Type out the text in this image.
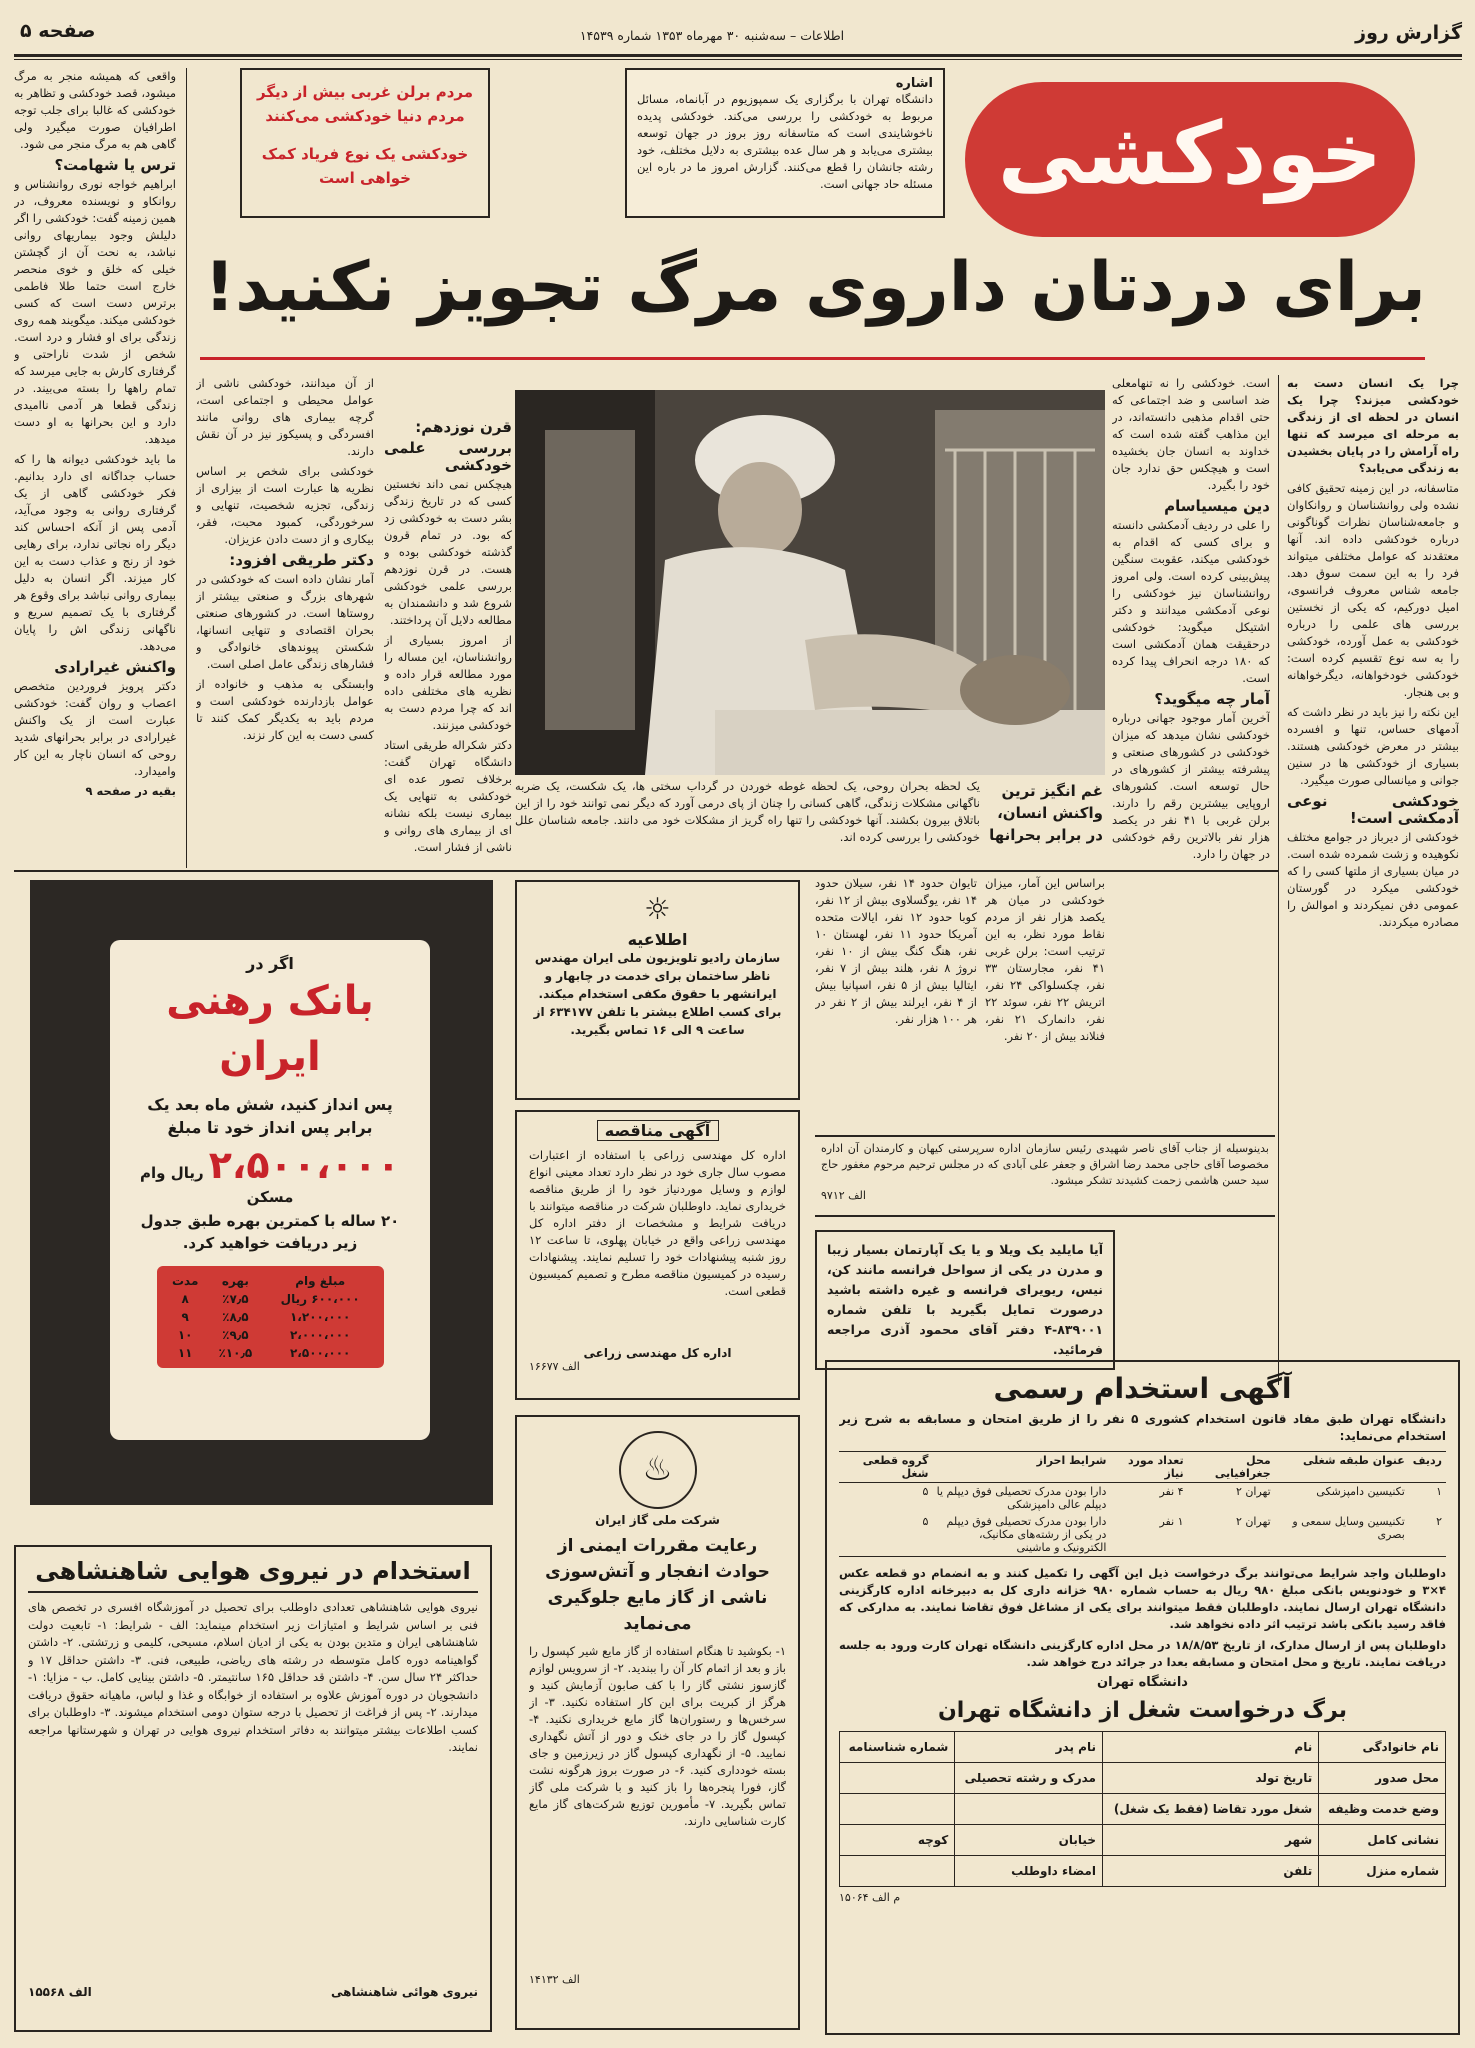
گزارش روز
اطلاعات – سه‌شنبه ۳۰ مهرماه ۱۳۵۳ شماره ۱۴۵۳۹
صفحه ۵
خودکشی
اشاره
دانشگاه تهران با برگزاری یک سمپوزیوم در آبانماه، مسائل مربوط به خودکشی را بررسی می‌کند. خودکشی پدیده ناخوشایندی است که متاسفانه روز بروز در جهان توسعه بیشتری می‌یابد و هر سال عده بیشتری به دلایل مختلف، خود رشته جانشان را قطع می‌کنند. گزارش امروز ما در باره این مسئله حاد جهانی است.
مردم برلن غربی بیش از دیگر مردم دنیا خودکشی می‌کنند
خودکشی یک نوع فریاد کمک خواهی است
برای دردتان داروی مرگ تجویز نکنید!

واقعی که همیشه منجر به مرگ میشود، قصد خودکشی و تظاهر به خودکشی که غالبا برای جلب توجه اطرافیان صورت میگیرد ولی گاهی هم به مرگ منجر می شود.

ترس یا شهامت؟

ابراهیم خواجه نوری روانشناس و روانکاو و نویسنده معروف، در همین زمینه گفت: خودکشی را اگر دلیلش وجود بیماریهای روانی نباشد، به نحت آن از گچشتن خیلی که خلق و خوی منحصر خارج است حتما طلا فاطمی برترس دست است که کسی خودکشی میکند. میگویند همه روی زندگی برای او فشار و درد است. شخص از شدت ناراحتی و گرفتاری کارش به جایی میرسد که تمام راهها را بسته می‌بیند. در زندگی قطعا هر آدمی ناامیدی دارد و این بحرانها به او دست میدهد.

ما باید خودکشی دیوانه ها را که حساب جداگانه ای دارد بدانیم. فکر خودکشی گاهی از یک گرفتاری روانی به وجود می‌آید، آدمی پس از آنکه احساس کند دیگر راه نجاتی ندارد، برای رهایی خود از رنج و عذاب دست به این کار میزند. اگر انسان به دلیل بیماری روانی نباشد برای وقوع هر گرفتاری با یک تصمیم سریع و ناگهانی زندگی اش را پایان می‌دهد.

واکنش غیرارادی

دکتر پرویز فروردین متخصص اعصاب و روان گفت: خودکشی عبارت است از یک واکنش غیرارادی در برابر بحرانهای شدید روحی که انسان ناچار به این کار وامیدارد.

بقیه در صفحه ۹

از آن میدانند، خودکشی ناشی از عوامل محیطی و اجتماعی است، گرچه بیماری های روانی مانند افسردگی و پسیکوز نیز در آن نقش دارند.

خودکشی برای شخص بر اساس نظریه ها عبارت است از بیزاری از زندگی، تجزیه شخصیت، تنهایی و سرخوردگی، کمبود محبت، فقر، بیکاری و از دست دادن عزیزان.

دکتر طریقی افزود:

آمار نشان داده است که خودکشی در شهرهای بزرگ و صنعتی بیشتر از روستاها است. در کشورهای صنعتی بحران اقتصادی و تنهایی انسانها، شکستن پیوندهای خانوادگی و فشارهای زندگی عامل اصلی است.

وابستگی به مذهب و خانواده از عوامل بازدارنده خودکشی است و مردم باید به یکدیگر کمک کنند تا کسی دست به این کار نزند.

قرن نوزدهم:
بررسی علمی خودکشی

هیچکس نمی داند نخستین کسی که در تاریخ زندگی بشر دست به خودکشی زد که بود. در تمام قرون گذشته خودکشی بوده و هست. در قرن نوزدهم بررسی علمی خودکشی شروع شد و دانشمندان به مطالعه دلایل آن پرداختند.

از امروز بسیاری از روانشناسان، این مساله را مورد مطالعه قرار داده و نظریه های مختلفی داده اند که چرا مردم دست به خودکشی میزنند.

دکتر شکراله طریقی استاد دانشگاه تهران گفت: برخلاف تصور عده ای خودکشی به تنهایی یک بیماری نیست بلکه نشانه ای از بیماری های روانی و ناشی از فشار است.

یک لحظه بحران روحی، یک لحظه غوطه خوردن در گرداب سختی ها، یک شکست، یک ضربه ناگهانی مشکلات زندگی، گاهی کسانی را چنان از پای درمی آورد که دیگر نمی توانند خود را از این باتلاق بیرون بکشند. آنها خودکشی را تنها راه گریز از مشکلات خود می دانند. جامعه شناسان علل خودکشی را بررسی کرده اند.
غم انگیز ترین واکنش انسان، در برابر بحرانها

است. خودکشی را نه تنهامعلی ضد اساسی و ضد اجتماعی که حتی اقدام مذهبی دانسته‌اند، در این مذاهب گفته شده است که خداوند به انسان جان بخشیده است و هیچکس حق ندارد جان خود را بگیرد.

دین میسیاسام

را علی در ردیف آدمکشی دانسته و برای کسی که اقدام به خودکشی میکند، عقوبت سنگین پیش‌بینی کرده است. ولی امروز روانشناسان نیز خودکشی را نوعی آدمکشی میدانند و دکتر اشتیکل میگوید: خودکشی درحقیقت همان آدمکشی است که ۱۸۰ درجه انحراف پیدا کرده است.

آمار چه میگوید؟

آخرین آمار موجود جهانی درباره خودکشی نشان میدهد که میزان خودکشی در کشورهای صنعتی و پیشرفته بیشتر از کشورهای در حال توسعه است. کشورهای اروپایی بیشترین رقم را دارند. برلن غربی با ۴۱ نفر در یکصد هزار نفر بالاترین رقم خودکشی در جهان را دارد.

چرا یک انسان دست به خودکشی میزند؟ چرا یک انسان در لحظه ای از زندگی به مرحله ای میرسد که تنها راه آرامش را در پایان بخشیدن به زندگی می‌یابد؟

متاسفانه، در این زمینه تحقیق کافی نشده ولی روانشناسان و روانکاوان و جامعه‌شناسان نظرات گوناگونی درباره خودکشی داده اند. آنها معتقدند که عوامل مختلفی میتواند فرد را به این سمت سوق دهد. جامعه شناس معروف فرانسوی، امیل دورکیم، که یکی از نخستین بررسی های علمی را درباره خودکشی به عمل آورده، خودکشی را به سه نوع تقسیم کرده است: خودکشی خودخواهانه، دیگرخواهانه و بی هنجار.

این نکته را نیز باید در نظر داشت که آدمهای حساس، تنها و افسرده بیشتر در معرض خودکشی هستند. بسیاری از خودکشی ها در سنین جوانی و میانسالی صورت میگیرد.

خودکشی نوعی آدمکشی است!

خودکشی از دیرباز در جوامع مختلف نکوهیده و زشت شمرده شده است. در میان بسیاری از ملتها کسی را که خودکشی میکرد در گورستان عمومی دفن نمیکردند و اموالش را مصادره میکردند.

براساس این آمار، میزان خودکشی در میان هر یکصد هزار نفر از مردم نقاط مورد نظر، به این ترتیب است: برلن غربی ۴۱ نفر، مجارستان ۳۳ نفر، چکسلواکی ۲۴ نفر، اتریش ۲۲ نفر، سوئد ۲۲ نفر، دانمارک ۲۱ نفر، فنلاند بیش از ۲۰ نفر.
تایوان حدود ۱۴ نفر، سیلان حدود ۱۴ نفر، یوگسلاوی بیش از ۱۲ نفر، کوبا حدود ۱۲ نفر، ایالات متحده آمریکا حدود ۱۱ نفر، لهستان ۱۰ نفر، هنگ کنگ بیش از ۱۰ نفر، نروژ ۸ نفر، هلند بیش از ۷ نفر، ایتالیا بیش از ۵ نفر، اسپانیا بیش از ۴ نفر، ایرلند بیش از ۲ نفر در هر ۱۰۰ هزار نفر.
اگر در
بانک رهنی ایران
پس انداز کنید، شش ماه بعد یک
برابر پس انداز خود تا مبلغ
۲،۵۰۰،۰۰۰ ریال وام مسکن
۲۰ ساله با کمترین بهره طبق جدول
زیر دریافت خواهید کرد.
مبلغ وام	بهره	مدت
۶۰۰،۰۰۰ ریال	٪۷٫۵	۸
۱،۲۰۰،۰۰۰	٪۸٫۵	۹
۲،۰۰۰،۰۰۰	٪۹٫۵	۱۰
۲،۵۰۰،۰۰۰	٪۱۰٫۵	۱۱
☼
اطلاعیه
سازمان رادیو تلویزیون ملی ایران مهندس ناظر ساختمان برای خدمت در چابهار و ایرانشهر با حقوق مکفی استخدام میکند. برای کسب اطلاع بیشتر با تلفن ۶۳۴۱۷۷ از ساعت ۹ الی ۱۶ تماس بگیرید.
آگهی مناقصه
اداره کل مهندسی زراعی با استفاده از اعتبارات مصوب سال جاری خود در نظر دارد تعداد معینی انواع لوازم و وسایل موردنیاز خود را از طریق مناقصه خریداری نماید. داوطلبان شرکت در مناقصه میتوانند با دریافت شرایط و مشخصات از دفتر اداره کل مهندسی زراعی واقع در خیابان پهلوی، تا ساعت ۱۲ روز شنبه پیشنهادات خود را تسلیم نمایند. پیشنهادات رسیده در کمیسیون مناقصه مطرح و تصمیم کمیسیون قطعی است.
اداره کل مهندسی زراعی
الف ۱۶۶۷۷
بدینوسیله از جناب آقای ناصر شهیدی رئیس سازمان اداره سرپرستی کیهان و کارمندان آن اداره مخصوصا آقای حاجی محمد رضا اشراق و جعفر علی آبادی که در مجلس ترحیم مرحوم مغفور حاج سید حسن هاشمی زحمت کشیدند تشکر میشود.
الف ۹۷۱۲
آیا مایلید یک ویلا و یا یک آپارتمان بسیار زیبا و مدرن در یکی از سواحل فرانسه مانند کن، نیس، ریویرای فرانسه و غیره داشته باشید درصورت تمایل بگیرید با تلفن شماره ۸۳۹۰۰۱-۴ دفتر آقای محمود آذری مراجعه فرمائید.
♨
شرکت ملی گاز ایران
رعایت مقررات ایمنی از حوادث انفجار و آتش‌سوزی ناشی از گاز مایع جلوگیری می‌نماید
۱- بکوشید تا هنگام استفاده از گاز مایع شیر کپسول را باز و بعد از اتمام کار آن را ببندید. ۲- از سرویس لوازم گازسوز نشتی گاز را با کف صابون آزمایش کنید و هرگز از کبریت برای این کار استفاده نکنید. ۳- از سرخس‌ها و رستوران‌ها گاز مایع خریداری نکنید. ۴- کپسول گاز را در جای خنک و دور از آتش نگهداری نمایید. ۵- از نگهداری کپسول گاز در زیرزمین و جای بسته خودداری کنید. ۶- در صورت بروز هرگونه نشت گاز، فورا پنجره‌ها را باز کنید و با شرکت ملی گاز تماس بگیرید. ۷- مأمورین توزیع شرکت‌های گاز مایع کارت شناسایی دارند.
الف ۱۴۱۳۲
استخدام در نیروی هوایی شاهنشاهی
نیروی هوایی شاهنشاهی تعدادی داوطلب برای تحصیل در آموزشگاه افسری در تخصص های فنی بر اساس شرایط و امتیازات زیر استخدام مینماید: الف - شرایط: ۱- تابعیت دولت شاهنشاهی ایران و متدین بودن به یکی از ادیان اسلام، مسیحی، کلیمی و زرتشتی. ۲- داشتن گواهینامه دوره کامل متوسطه در رشته های ریاضی، طبیعی، فنی. ۳- داشتن حداقل ۱۷ و حداکثر ۲۴ سال سن. ۴- داشتن قد حداقل ۱۶۵ سانتیمتر. ۵- داشتن بینایی کامل. ب - مزایا: ۱- دانشجویان در دوره آموزش علاوه بر استفاده از خوابگاه و غذا و لباس، ماهیانه حقوق دریافت میدارند. ۲- پس از فراغت از تحصیل با درجه ستوان دومی استخدام میشوند. ۳- داوطلبان برای کسب اطلاعات بیشتر میتوانند به دفاتر استخدام نیروی هوایی در تهران و شهرستانها مراجعه نمایند.
نیروی هوائی شاهنشاهی
الف ۱۵۵۶۸
آگهی استخدام رسمی
دانشگاه تهران طبق مفاد قانون استخدام کشوری ۵ نفر را از طریق امتحان و مسابقه به شرح زیر استخدام می‌نماید:
ردیف	عنوان طبقه شغلی	محل جغرافیایی	تعداد مورد نیاز	شرایط احراز	گروه قطعی شغل
۱	تکنیسین دامپزشکی	تهران ۲	۴ نفر	دارا بودن مدرک تحصیلی فوق دیپلم یا دیپلم عالی دامپزشکی	۵
۲	تکنیسین وسایل سمعی و بصری	تهران ۲	۱ نفر	دارا بودن مدرک تحصیلی فوق دیپلم در یکی از رشته‌های مکانیک، الکترونیک و ماشینی	۵
داوطلبان واجد شرایط می‌توانند برگ درخواست ذیل این آگهی را تکمیل کنند و به انضمام دو قطعه عکس ۴×۳ و خودنویس بانکی مبلغ ۹۸۰ ریال به حساب شماره ۹۸۰ خزانه داری کل به دبیرخانه اداره کارگزینی دانشگاه تهران ارسال نمایند. داوطلبان فقط میتوانند برای یکی از مشاغل فوق تقاضا نمایند. به مدارکی که فاقد رسید بانکی باشد ترتیب اثر داده نخواهد شد.
داوطلبان پس از ارسال مدارک، از تاریخ ۱۸/۸/۵۳ در محل اداره کارگزینی دانشگاه تهران کارت ورود به جلسه دریافت نمایند. تاریخ و محل امتحان و مسابقه بعدا در جرائد درج خواهد شد.
دانشگاه تهران
برگ درخواست شغل از دانشگاه تهران
نام خانوادگی	نام	نام پدر	شماره شناسنامه
محل صدور	تاریخ تولد	مدرک و رشته تحصیلی	
وضع خدمت وظیفه	شغل مورد تقاضا (فقط یک شغل)		
نشانی کامل	شهر	خیابان	کوچه
شماره منزل	تلفن	امضاء داوطلب	
م الف ۱۵۰۶۴
